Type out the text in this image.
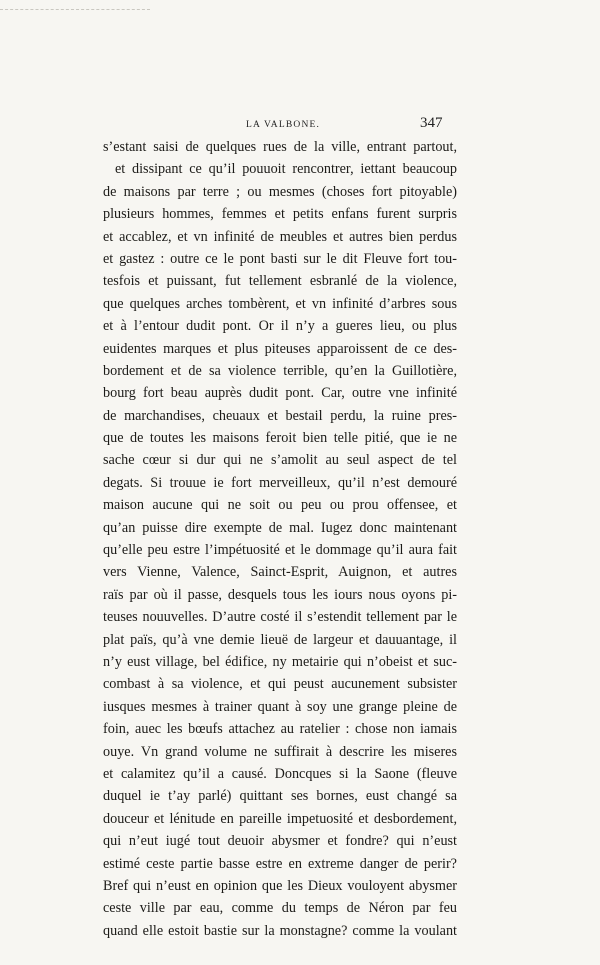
LA VALBONE.	347
s’estant saisi de quelques rues de la ville, entrant partout,
et dissipant ce qu’il pouuoit rencontrer, iettant beaucoup
de maisons par terre ; ou mesmes (choses fort pitoyable)
plusieurs hommes, femmes et petits enfans furent surpris
et accablez, et vn infinité de meubles et autres bien perdus
et gastez : outre ce le pont basti sur le dit Fleuve fort tou-
tesfois et puissant, fut tellement esbranlé de la violence,
que quelques arches tombèrent, et vn infinité d’arbres sous
et à l’entour dudit pont. Or il n’y a gueres lieu, ou plus
euidentes marques et plus piteuses apparoissent de ce des-
bordement et de sa violence terrible, qu’en la Guillotière,
bourg fort beau auprès dudit pont. Car, outre vne infinité
de marchandises, cheuaux et bestail perdu, la ruine pres-
que de toutes les maisons feroit bien telle pitié, que ie ne
sache cœur si dur qui ne s’amolit au seul aspect de tel
degats. Si trouue ie fort merveilleux, qu’il n’est demouré
maison aucune qui ne soit ou peu ou prou offensee, et
qu’an puisse dire exempte de mal. Iugez donc maintenant
qu’elle peu estre l’impétuosité et le dommage qu’il aura fait
vers Vienne, Valence, Sainct-Esprit, Auignon, et autres
raïs par où il passe, desquels tous les iours nous oyons pi-
teuses nouuvelles. D’autre costé il s’estendit tellement par le
plat païs, qu’à vne demie lieuë de largeur et dauuantage, il
n’y eust village, bel édifice, ny metairie qui n’obeist et suc-
combast à sa violence, et qui peust aucunement subsister
iusques mesmes à trainer quant à soy une grange pleine de
foin, auec les bœufs attachez au ratelier : chose non iamais
ouye. Vn grand volume ne suffirait à descrire les miseres
et calamitez qu’il a causé. Doncques si la Saone (fleuve
duquel ie t’ay parlé) quittant ses bornes, eust changé sa
douceur et lénitude en pareille impetuosité et desbordement,
qui n’eut iugé tout deuoir abysmer et fondre? qui n’eust
estimé ceste partie basse estre en extreme danger de perir?
Bref qui n’eust en opinion que les Dieux vouloyent abysmer
ceste ville par eau, comme du temps de Néron par feu
quand elle estoit bastie sur la monstagne? comme la voulant
